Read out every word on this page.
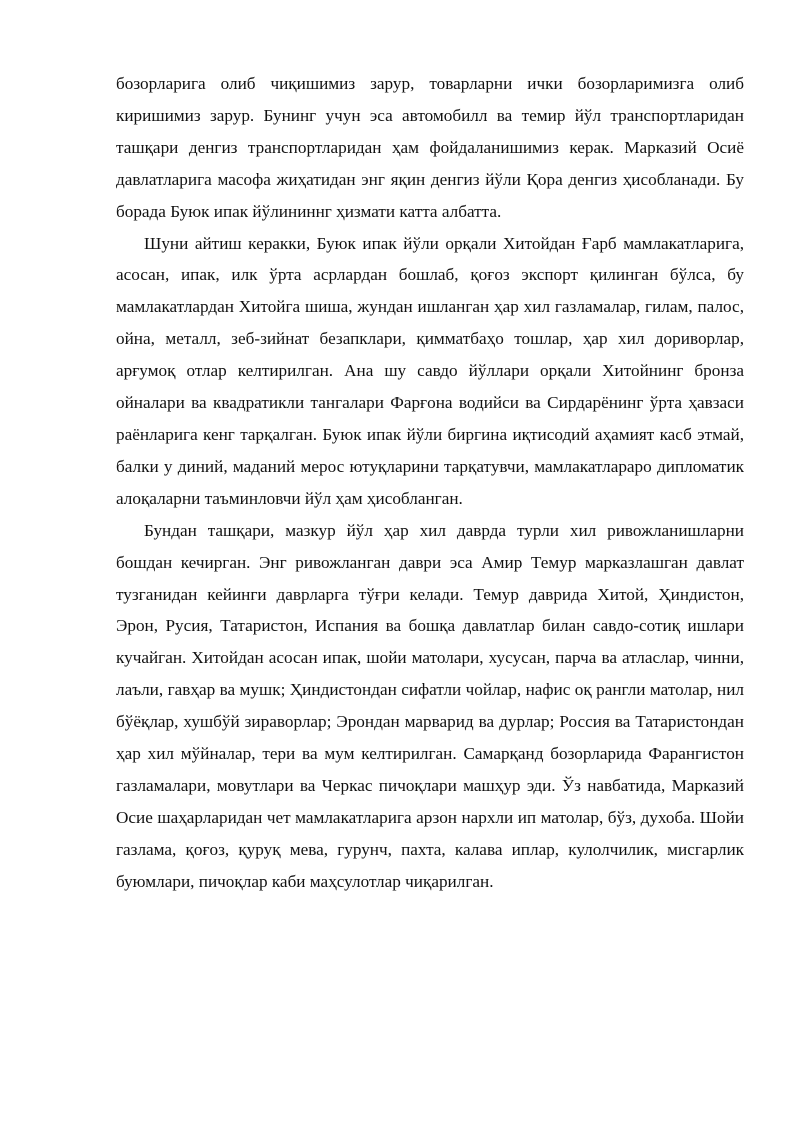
бозорларига олиб чиқишимиз зарур, товарларни ички бозорларимизга олиб киришимиз зарур. Бунинг учун эса автомобилл ва темир йўл транспортларидан ташқари денгиз транспортларидан ҳам фойдаланишимиз керак. Марказий Осиё давлатларига масофа жиҳатидан энг яқин денгиз йўли Қора денгиз ҳисобланади. Бу борада Буюк ипак йўлининнг ҳизмати катта албатта.

Шуни айтиш керакки, Буюк ипак йўли орқали Хитойдан Ғарб мамлакатларига, асосан, ипак, илк ўрта асрлардан бошлаб, қоғоз экспорт қилинган бўлса, бу мамлакатлардан Хитойга шиша, жундан ишланган ҳар хил газламалар, гилам, палос, ойна, металл, зеб-зийнат безапклари, қимматбаҳо тошлар, ҳар хил дориворлар, арғумоқ отлар келтирилган. Ана шу савдо йўллари орқали Хитойнинг бронза ойналари ва квадратикли тангалари Фарғона водийси ва Сирдарёнинг ўрта ҳавзаси раёнларига кенг тарқалган. Буюк ипак йўли биргина иқтисодий аҳамият касб этмай, балки у диний, маданий мерос ютуқларини тарқатувчи, мамлакатлараро дипломатик алоқаларни таъминловчи йўл ҳам ҳисобланган.

Бундан ташқари, мазкур йўл ҳар хил даврда турли хил ривожланишларни бошдан кечирган. Энг ривожланган даври эса Амир Темур марказлашган давлат тузганидан кейинги даврларга тўғри келади. Темур даврида Хитой, Ҳиндистон, Эрон, Русия, Татаристон, Испания ва бошқа давлатлар билан савдо-сотиқ ишлари кучайган. Хитойдан асосан ипак, шойи матолари, хусусан, парча ва атласлар, чинни, лаъли, гавҳар ва мушк; Ҳиндистондан сифатли чойлар, нафис оқ рангли матолар, нил бўёқлар, хушбўй зираворлар; Эрондан марварид ва дурлар; Россия ва Татаристондан ҳар хил мўйналар, тери ва мум келтирилган. Самарқанд бозорларида Фарангистон газламалари, мовутлари ва Черкас пичоқлари машҳур эди. Ўз навбатида, Марказий Осие шаҳарларидан чет мамлакатларига арзон нархли ип матолар, бўз, духоба. Шойи газлама, қоғоз, қуруқ мева, гурунч, пахта, калава иплар, кулолчилик, мисгарлик буюмлари, пичоқлар каби маҳсулотлар чиқарилган.
